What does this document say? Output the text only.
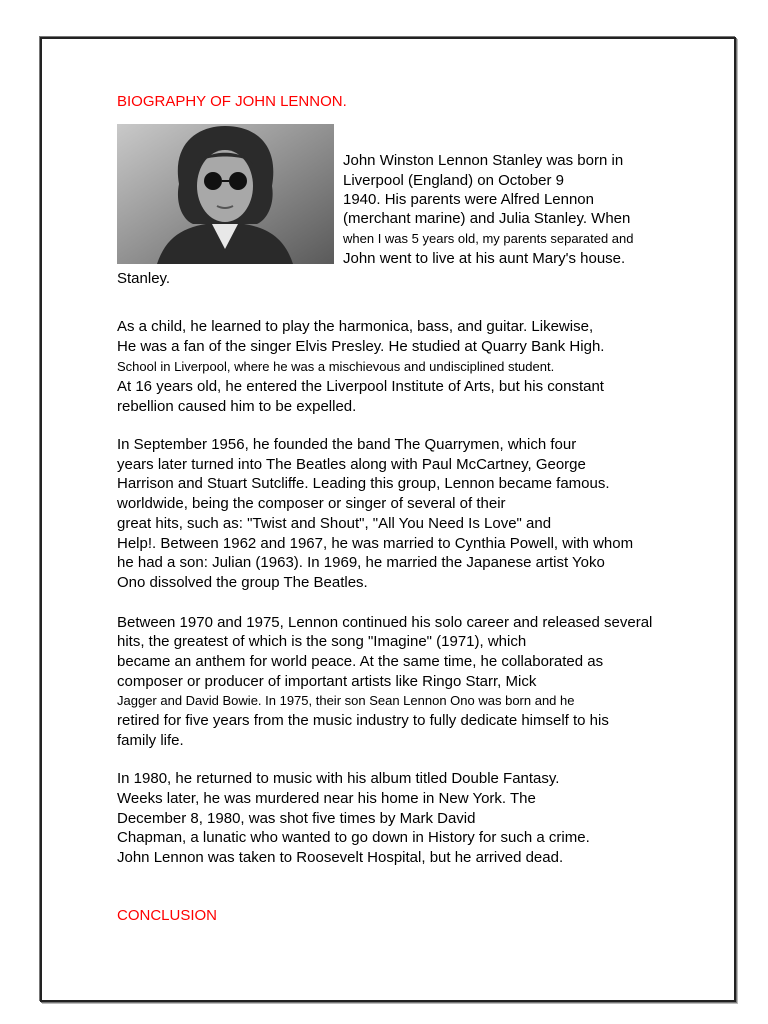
BIOGRAPHY OF JOHN LENNON.
John Winston Lennon Stanley was born in
Liverpool (England) on October 9
1940. His parents were Alfred Lennon
(merchant marine) and Julia Stanley. When
when I was 5 years old, my parents separated and
John went to live at his aunt Mary's house.
Stanley.
As a child, he learned to play the harmonica, bass, and guitar. Likewise,
He was a fan of the singer Elvis Presley. He studied at Quarry Bank High.
School in Liverpool, where he was a mischievous and undisciplined student.
At 16 years old, he entered the Liverpool Institute of Arts, but his constant
rebellion caused him to be expelled.
In September 1956, he founded the band The Quarrymen, which four
years later turned into The Beatles along with Paul McCartney, George
Harrison and Stuart Sutcliffe. Leading this group, Lennon became famous.
worldwide, being the composer or singer of several of their
great hits, such as: "Twist and Shout", "All You Need Is Love" and
Help!. Between 1962 and 1967, he was married to Cynthia Powell, with whom
he had a son: Julian (1963). In 1969, he married the Japanese artist Yoko
Ono dissolved the group The Beatles.
Between 1970 and 1975, Lennon continued his solo career and released several
hits, the greatest of which is the song "Imagine" (1971), which
became an anthem for world peace. At the same time, he collaborated as
composer or producer of important artists like Ringo Starr, Mick
Jagger and David Bowie. In 1975, their son Sean Lennon Ono was born and he
retired for five years from the music industry to fully dedicate himself to his
family life.
In 1980, he returned to music with his album titled Double Fantasy.
Weeks later, he was murdered near his home in New York. The
December 8, 1980, was shot five times by Mark David
Chapman, a lunatic who wanted to go down in History for such a crime.
John Lennon was taken to Roosevelt Hospital, but he arrived dead.
CONCLUSION
